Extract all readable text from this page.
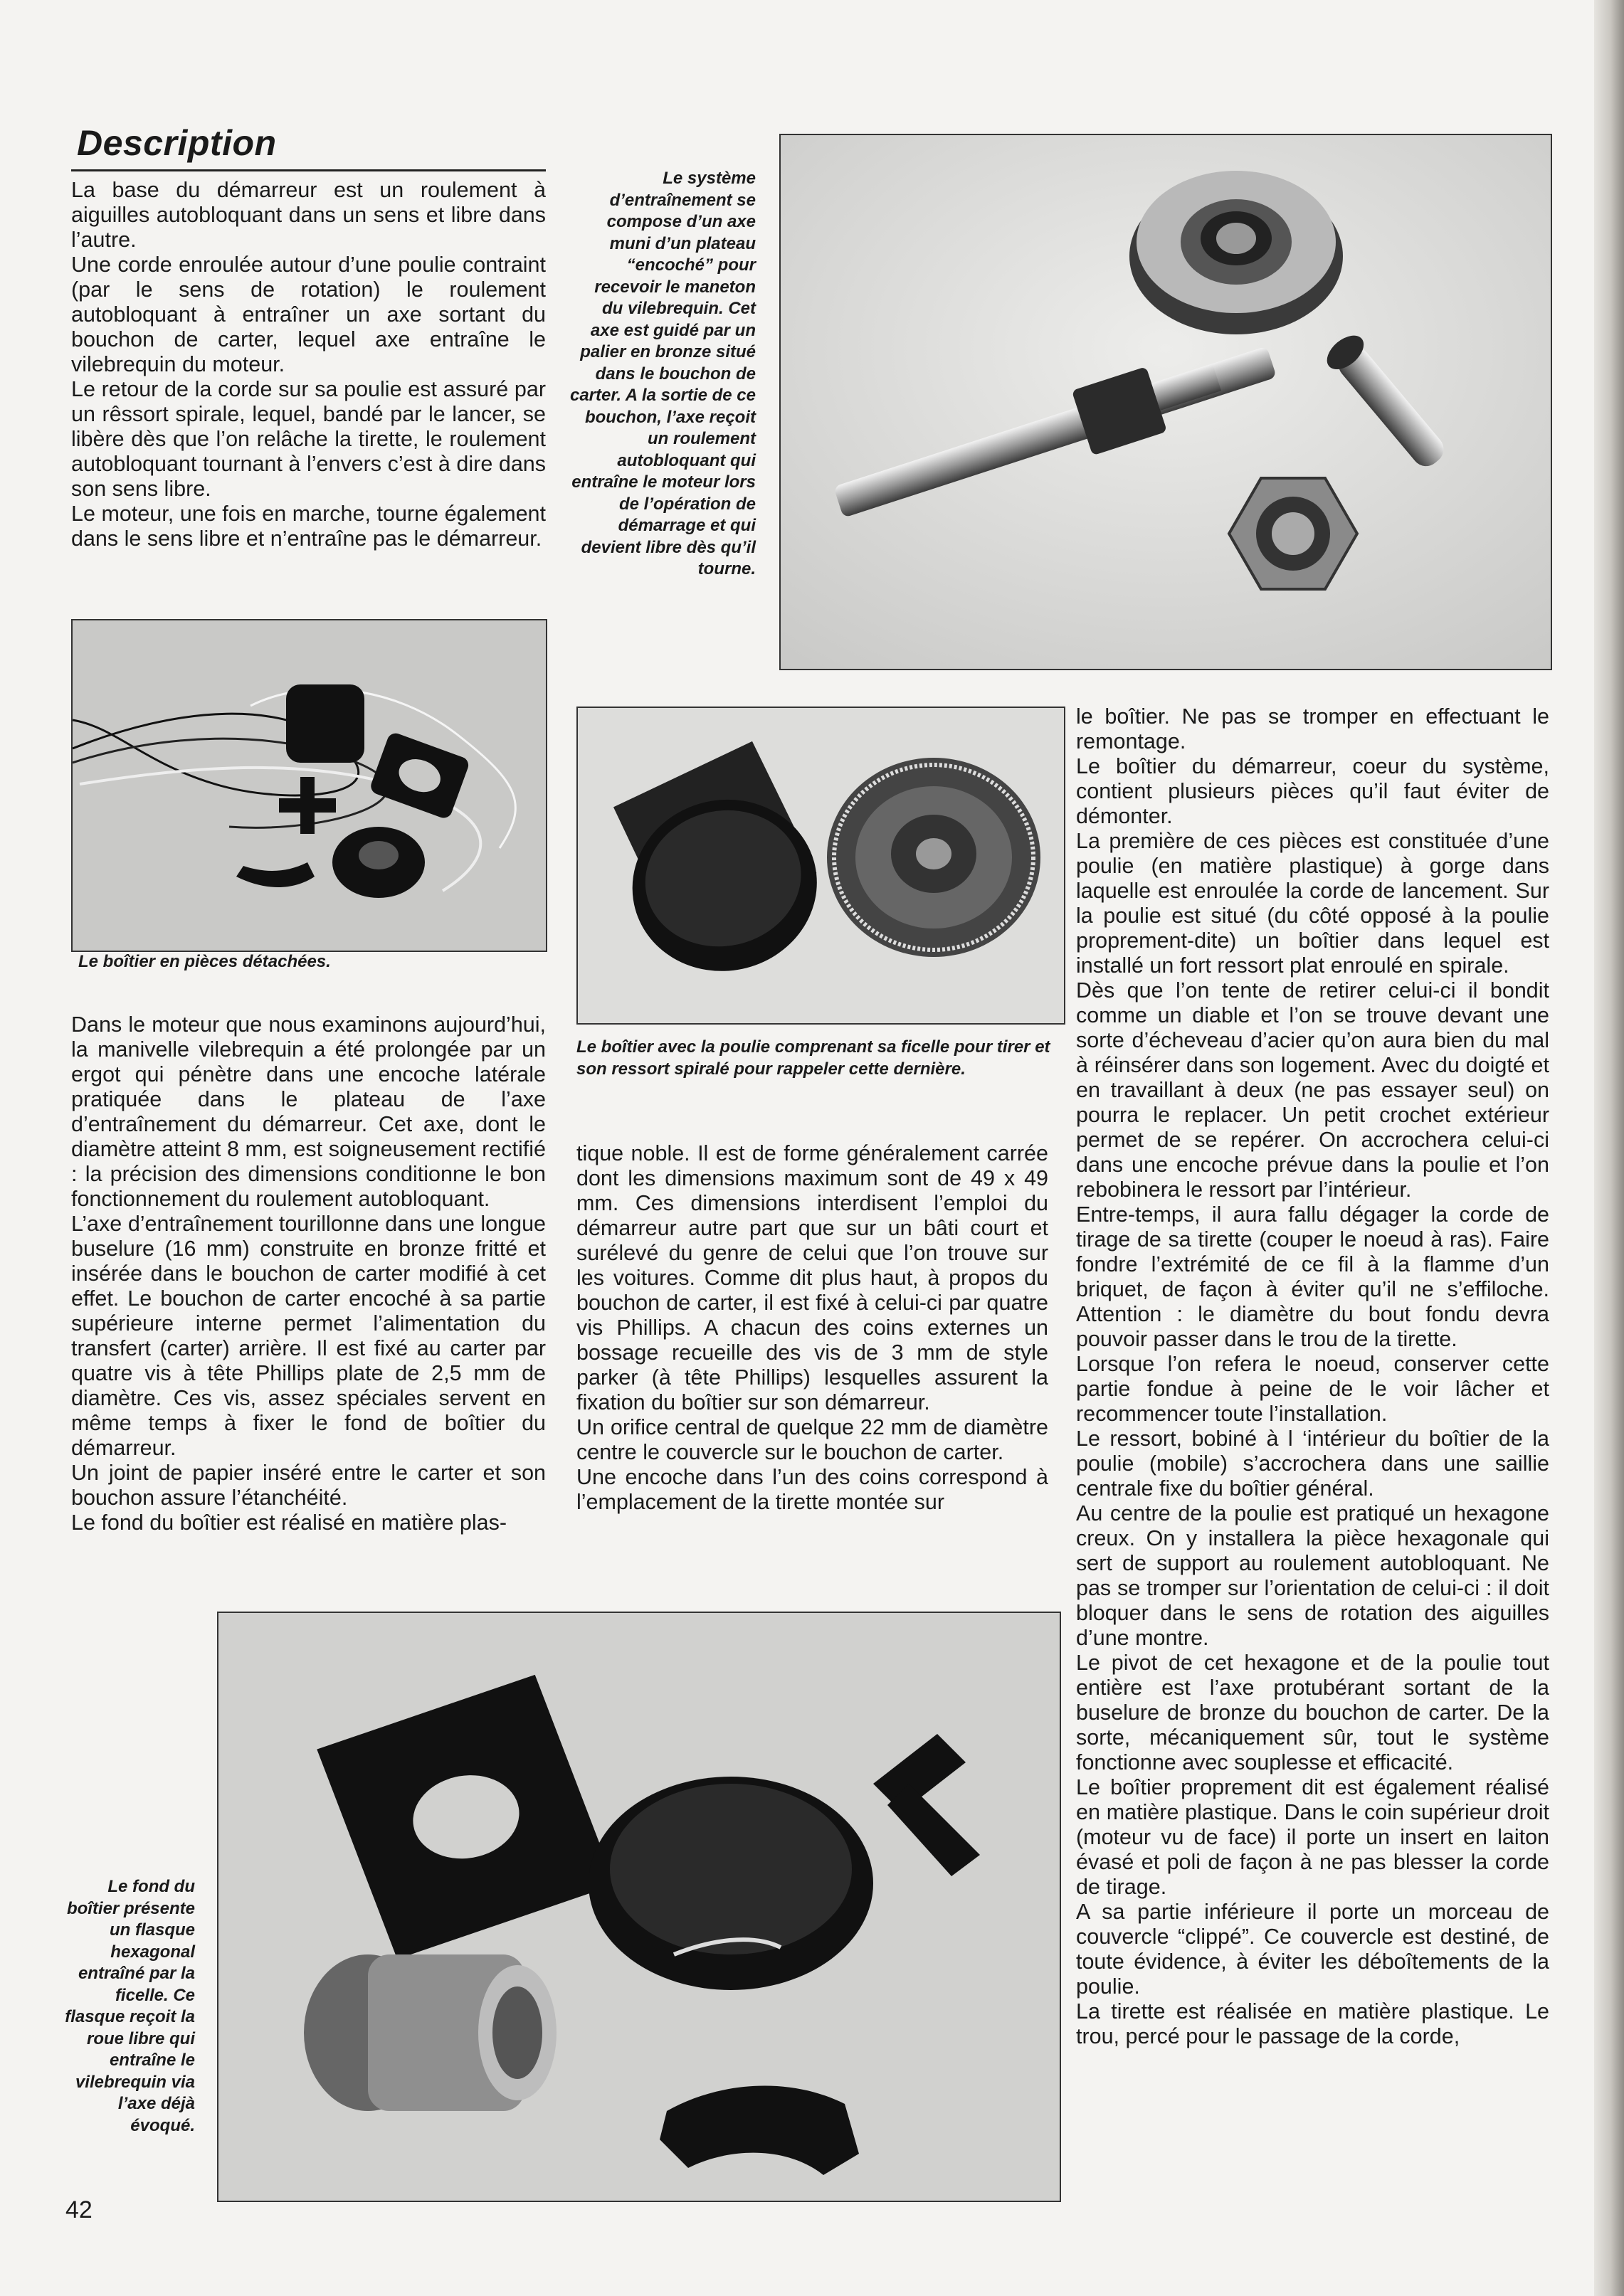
Description

La base du démarreur est un roulement à aiguilles autobloquant dans un sens et libre dans l’autre.

Une corde enroulée autour d’une poulie contraint (par le sens de rotation) le roulement autobloquant à entraîner un axe sortant du bouchon de carter, lequel axe entraîne le vilebrequin du moteur.

Le retour de la corde sur sa poulie est assuré par un rêssort spirale, lequel, bandé par le lancer, se libère dès que l’on relâche la tirette, le roulement autobloquant tournant à l’envers c’est à dire dans son sens libre.

Le moteur, une fois en marche, tourne également dans le sens libre et n’entraîne pas le démarreur.

Le système d’entraînement se compose d’un axe muni d’un plateau “encoché” pour recevoir le maneton du vilebrequin. Cet axe est guidé par un palier en bronze situé dans le bouchon de carter. A la sortie de ce bouchon, l’axe reçoit un roulement autobloquant qui entraîne le moteur lors de l’opération de démarrage et qui devient libre dès qu’il tourne.
Le boîtier en pièces détachées.
Le boîtier avec la poulie comprenant sa ficelle pour tirer et son ressort spiralé pour rappeler cette dernière.

Dans le moteur que nous examinons aujourd’hui, la manivelle vilebrequin a été prolongée par un ergot qui pénètre dans une encoche latérale pratiquée dans le plateau de l’axe d’entraînement du démarreur. Cet axe, dont le diamètre atteint 8 mm, est soigneusement rectifié : la précision des dimensions conditionne le bon fonctionnement du roulement autobloquant.

L’axe d’entraînement tourillonne dans une longue buselure (16 mm) construite en bronze fritté et insérée dans le bouchon de carter modifié à cet effet. Le bouchon de carter encoché à sa partie supérieure interne permet l’alimentation du transfert (carter) arrière. Il est fixé au carter par quatre vis à tête Phillips plate de 2,5 mm de diamètre. Ces vis, assez spéciales servent en même temps à fixer le fond de boîtier du démarreur.

Un joint de papier inséré entre le carter et son bouchon assure l’étanchéité.

Le fond du boîtier est réalisé en matière plas-

tique noble. Il est de forme généralement carrée dont les dimensions maximum sont de 49 x 49 mm. Ces dimensions interdisent l’emploi du démarreur autre part que sur un bâti court et surélevé du genre de celui que l’on trouve sur les voitures. Comme dit plus haut, à propos du bouchon de carter, il est fixé à celui-ci par quatre vis Phillips. A chacun des coins externes un bossage recueille des vis de 3 mm de style parker (à tête Phillips) lesquelles assurent la fixation du boîtier sur son démarreur.

Un orifice central de quelque 22 mm de diamètre centre le couvercle sur le bouchon de carter.

Une encoche dans l’un des coins correspond à l’emplacement de la tirette montée sur

le boîtier. Ne pas se tromper en effectuant le remontage.

Le boîtier du démarreur, coeur du système, contient plusieurs pièces qu’il faut éviter de démonter.

La première de ces pièces est constituée d’une poulie (en matière plastique) à gorge dans laquelle est enroulée la corde de lancement. Sur la poulie est situé (du côté opposé à la poulie proprement-dite) un boîtier dans lequel est installé un fort ressort plat enroulé en spirale.

Dès que l’on tente de retirer celui-ci il bondit comme un diable et l’on se trouve devant une sorte d’écheveau d’acier qu’on aura bien du mal à réinsérer dans son logement. Avec du doigté et en travaillant à deux (ne pas essayer seul) on pourra le replacer. Un petit crochet extérieur permet de se repérer. On accrochera celui-ci dans une encoche prévue dans la poulie et l’on rebobinera le ressort par l’intérieur.

Entre-temps, il aura fallu dégager la corde de tirage de sa tirette (couper le noeud à ras). Faire fondre l’extrémité de ce fil à la flamme d’un briquet, de façon à éviter qu’il ne s’effiloche. Attention : le diamètre du bout fondu devra pouvoir passer dans le trou de la tirette.

Lorsque l’on refera le noeud, conserver cette partie fondue à peine de le voir lâcher et recommencer toute l’installation.

Le ressort, bobiné à l ‘intérieur du boîtier de la poulie (mobile) s’accrochera dans une saillie centrale fixe du boîtier général.

Au centre de la poulie est pratiqué un hexagone creux. On y installera la pièce hexagonale qui sert de support au roulement autobloquant. Ne pas se tromper sur l’orientation de celui-ci : il doit bloquer dans le sens de rotation des aiguilles d’une montre.

Le pivot de cet hexagone et de la poulie tout entière est l’axe protubérant sortant de la buselure de bronze du bouchon de carter. De la sorte, mécaniquement sûr, tout le système fonctionne avec souplesse et efficacité.

Le boîtier proprement dit est également réalisé en matière plastique. Dans le coin supérieur droit (moteur vu de face) il porte un insert en laiton évasé et poli de façon à ne pas blesser la corde de tirage.

A sa partie inférieure il porte un morceau de couvercle “clippé”. Ce couvercle est destiné, de toute évidence, à éviter les déboîtements de la poulie.

La tirette est réalisée en matière plastique. Le trou, percé pour le passage de la corde,

Le fond du boîtier présente un flasque hexagonal entraîné par la ficelle. Ce flasque reçoit la roue libre qui entraîne le vilebrequin via l’axe déjà évoqué.
42
